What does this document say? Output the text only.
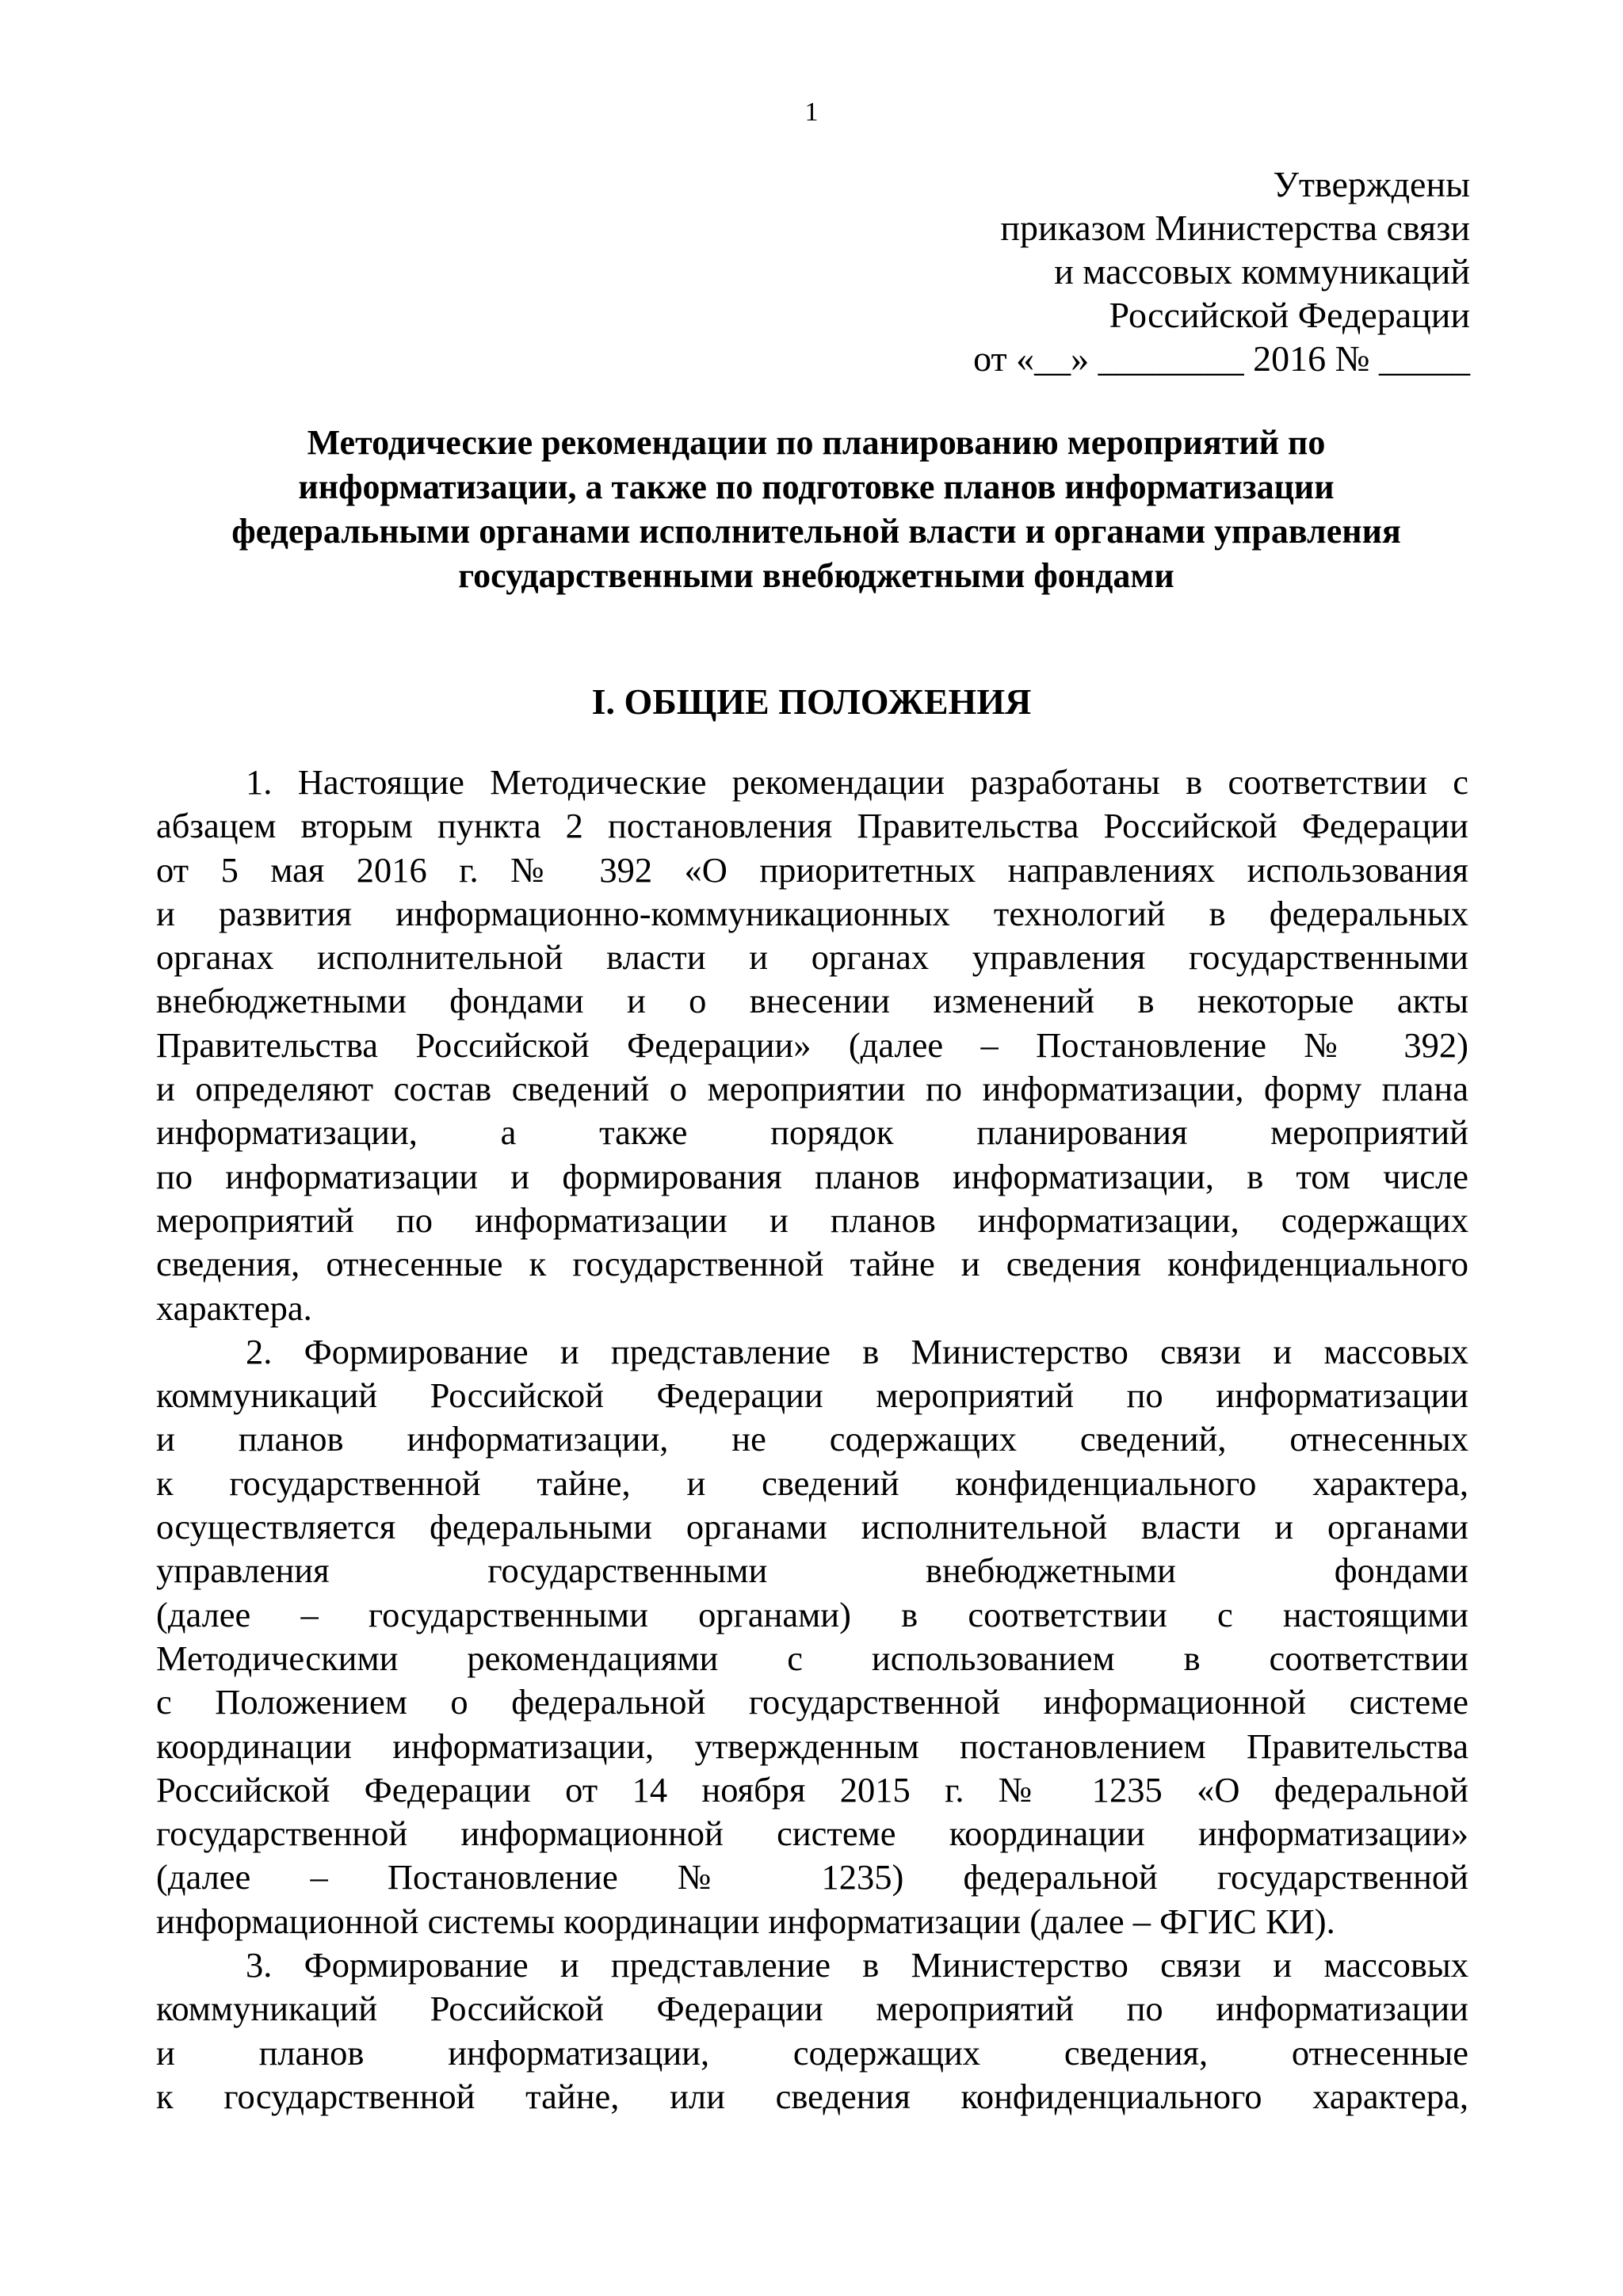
1
Утверждены
приказом Министерства связи
и массовых коммуникаций
Российской Федерации
от «__» ________ 2016 № _____
Методические рекомендации по планированию мероприятий по
информатизации, а также по подготовке планов информатизации
федеральными органами исполнительной власти и органами управления
государственными внебюджетными фондами
I. ОБЩИЕ ПОЛОЖЕНИЯ
1. Настоящие Методические рекомендации разработаны в соответствии с
абзацем вторым пункта 2 постановления Правительства Российской Федерации
от 5 мая 2016 г. № 392 «О приоритетных направлениях использования
и развития информационно-коммуникационных технологий в федеральных
органах исполнительной власти и органах управления государственными
внебюджетными фондами и о внесении изменений в некоторые акты
Правительства Российской Федерации» (далее – Постановление № 392)
и определяют состав сведений о мероприятии по информатизации, форму плана
информатизации, а также порядок планирования мероприятий
по информатизации и формирования планов информатизации, в том числе
мероприятий по информатизации и планов информатизации, содержащих
сведения, отнесенные к государственной тайне и сведения конфиденциального
характера.
2. Формирование и представление в Министерство связи и массовых
коммуникаций Российской Федерации мероприятий по информатизации
и планов информатизации, не содержащих сведений, отнесенных
к государственной тайне, и сведений конфиденциального характера,
осуществляется федеральными органами исполнительной власти и органами
управления государственными внебюджетными фондами
(далее – государственными органами) в соответствии с настоящими
Методическими рекомендациями с использованием в соответствии
с Положением о федеральной государственной информационной системе
координации информатизации, утвержденным постановлением Правительства
Российской Федерации от 14 ноября 2015 г. № 1235 «О федеральной
государственной информационной системе координации информатизации»
(далее – Постановление № 1235) федеральной государственной
информационной системы координации информатизации (далее – ФГИС КИ).
3. Формирование и представление в Министерство связи и массовых
коммуникаций Российской Федерации мероприятий по информатизации
и планов информатизации, содержащих сведения, отнесенные
к государственной тайне, или сведения конфиденциального характера,
